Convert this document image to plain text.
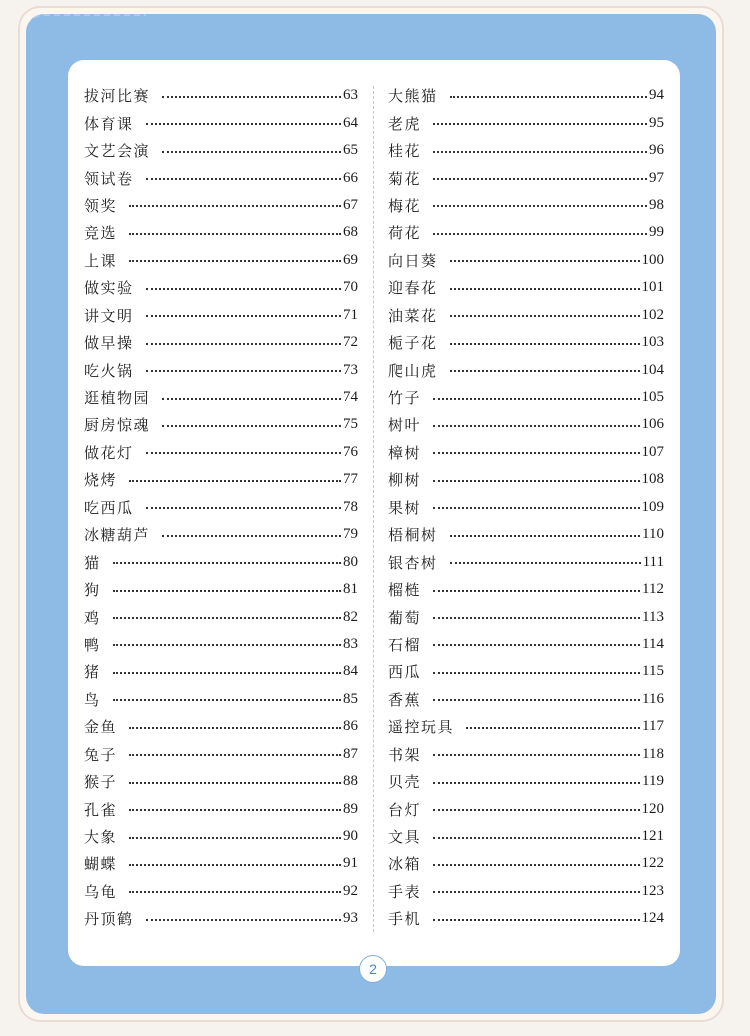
拔河比赛	63
体育课	64
文艺会演	65
领试卷	66
领奖	67
竞选	68
上课	69
做实验	70
讲文明	71
做早操	72
吃火锅	73
逛植物园	74
厨房惊魂	75
做花灯	76
烧烤	77
吃西瓜	78
冰糖葫芦	79
猫	80
狗	81
鸡	82
鸭	83
猪	84
鸟	85
金鱼	86
兔子	87
猴子	88
孔雀	89
大象	90
蝴蝶	91
乌龟	92
丹顶鹤	93
大熊猫	94
老虎	95
桂花	96
菊花	97
梅花	98
荷花	99
向日葵	100
迎春花	101
油菜花	102
栀子花	103
爬山虎	104
竹子	105
树叶	106
樟树	107
柳树	108
果树	109
梧桐树	110
银杏树	111
榴梿	112
葡萄	113
石榴	114
西瓜	115
香蕉	116
遥控玩具	117
书架	118
贝壳	119
台灯	120
文具	121
冰箱	122
手表	123
手机	124
2
